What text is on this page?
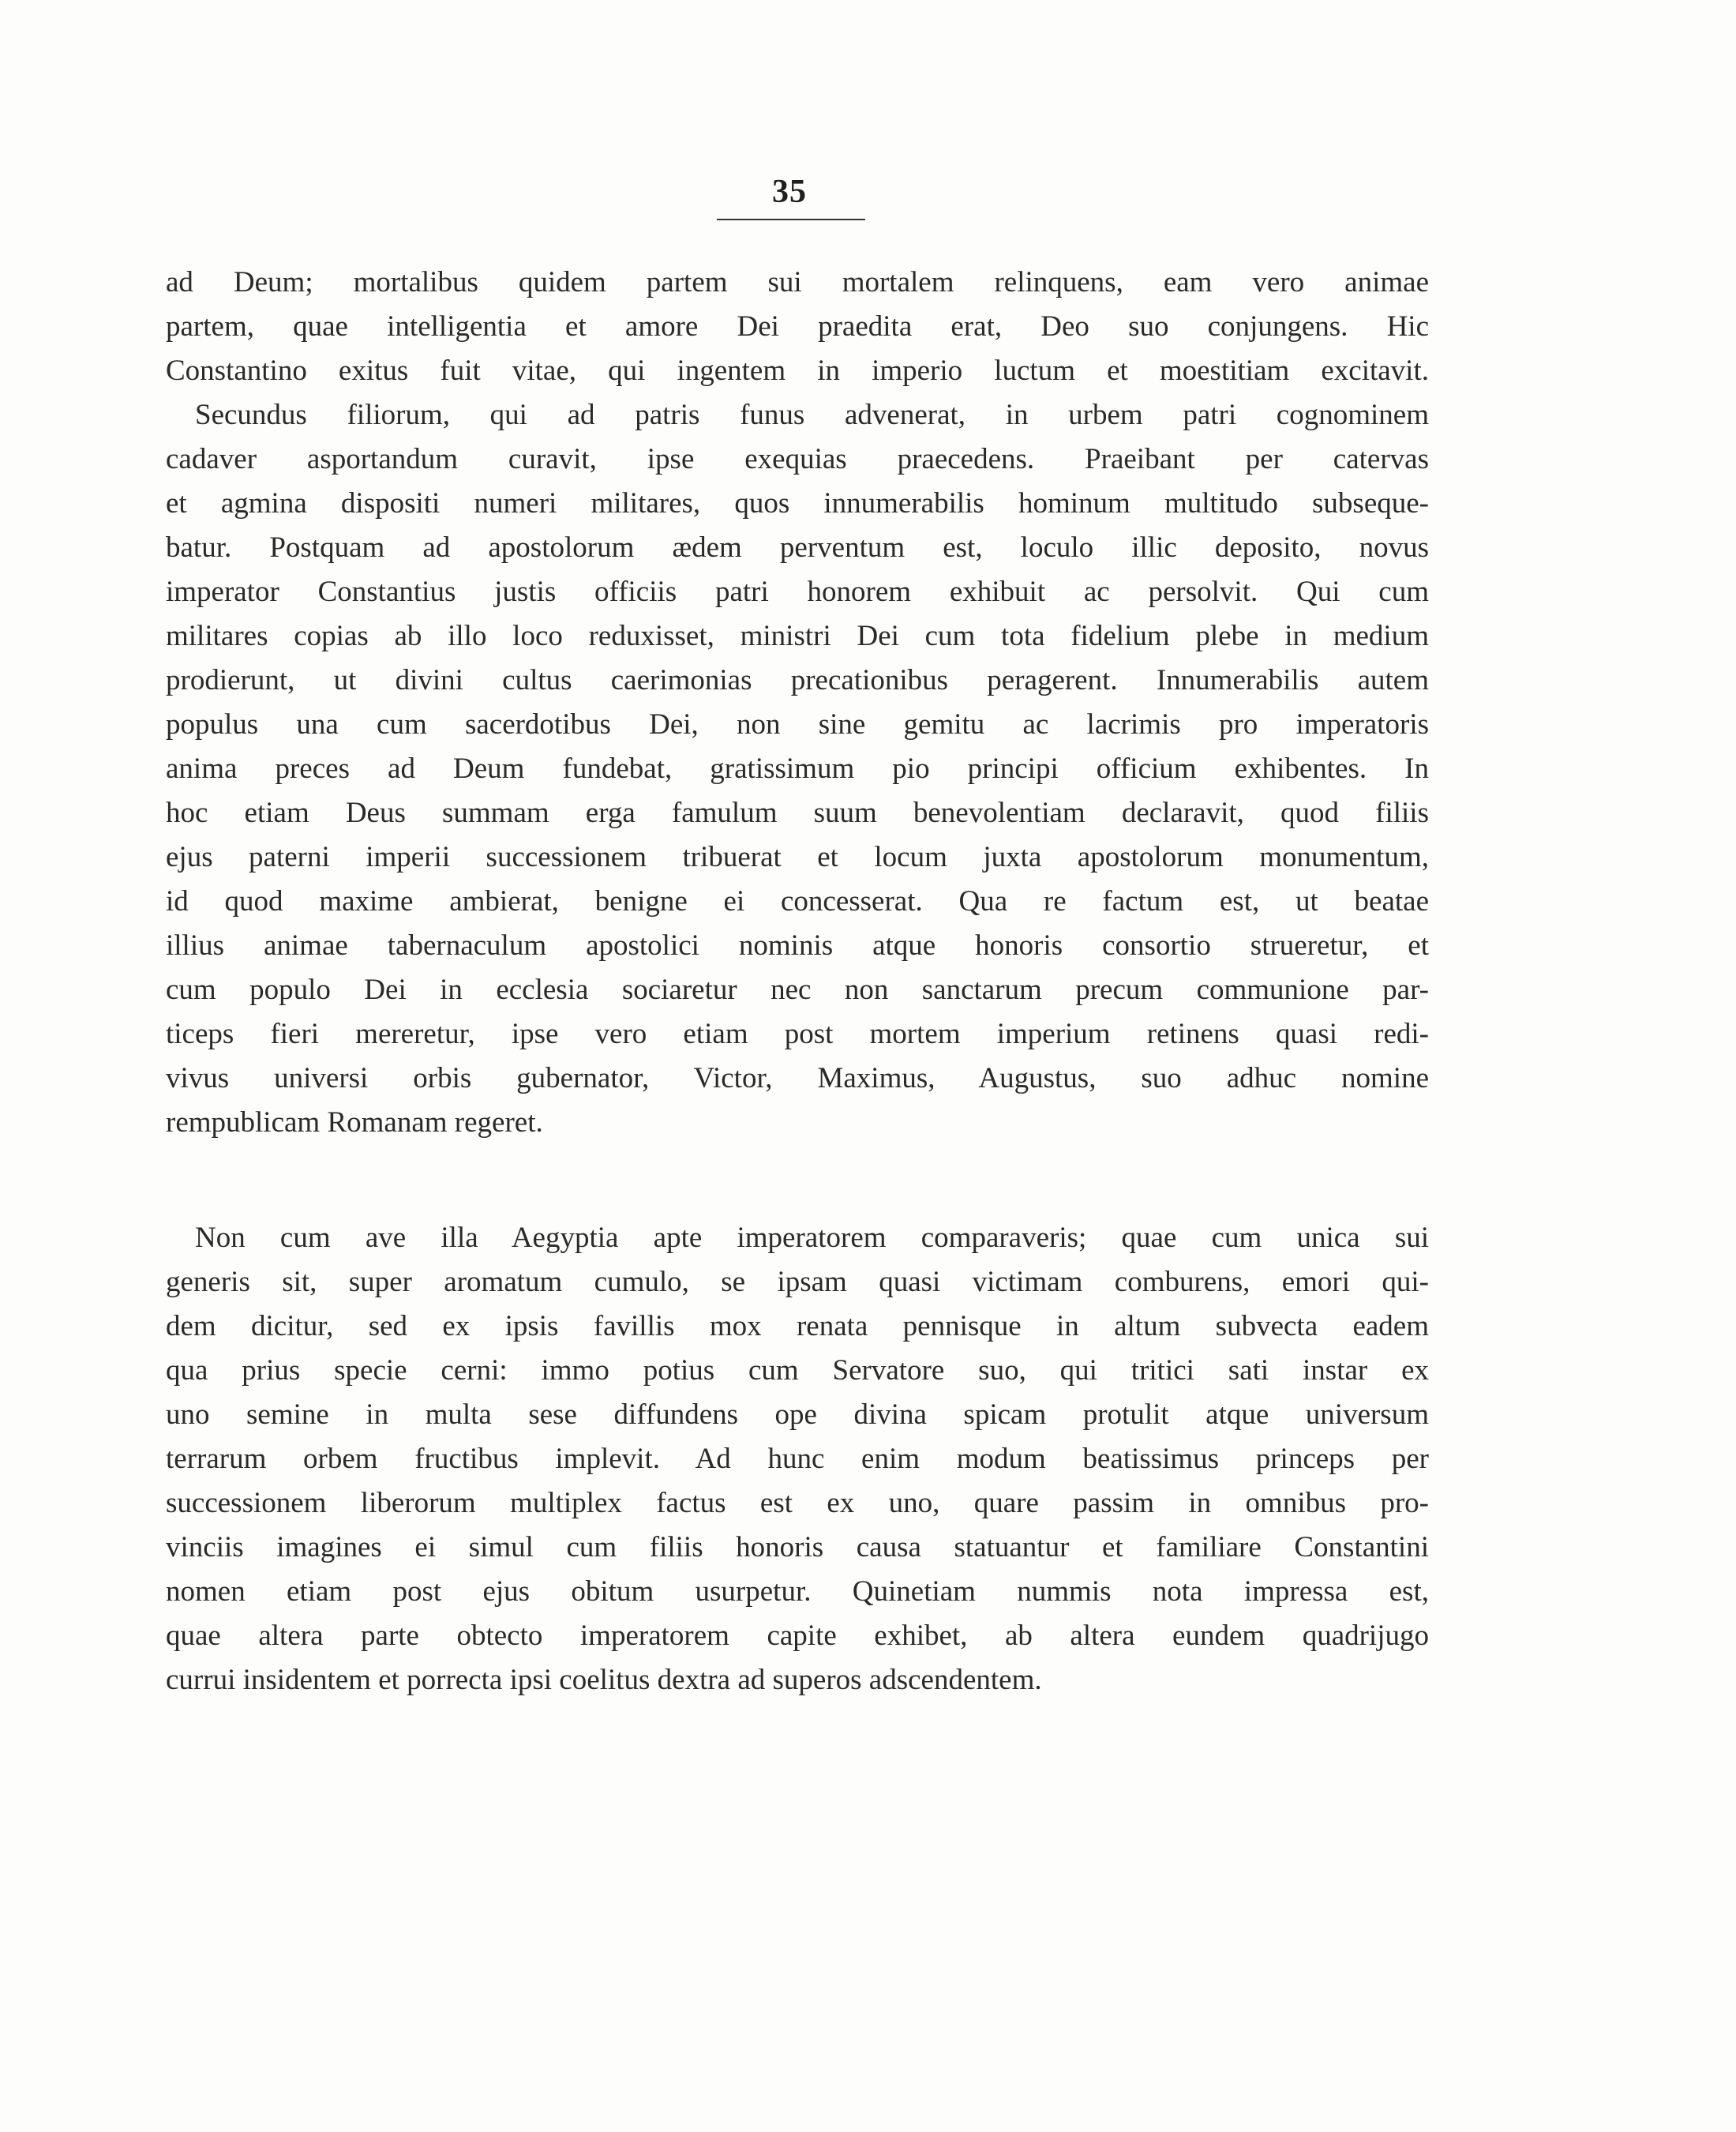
35
ad Deum; mortalibus quidem partem sui mortalem relinquens, eam vero animae
partem, quae intelligentia et amore Dei praedita erat, Deo suo conjungens. Hic
Constantino exitus fuit vitae, qui ingentem in imperio luctum et moestitiam excitavit.
 Secundus filiorum, qui ad patris funus advenerat, in urbem patri cognominem
cadaver asportandum curavit, ipse exequias praecedens. Praeibant per catervas
et agmina dispositi numeri militares, quos innumerabilis hominum multitudo subseque-
batur. Postquam ad apostolorum ædem perventum est, loculo illic deposito, novus
imperator Constantius justis officiis patri honorem exhibuit ac persolvit. Qui cum
militares copias ab illo loco reduxisset, ministri Dei cum tota fidelium plebe in medium
prodierunt, ut divini cultus caerimonias precationibus peragerent. Innumerabilis autem
populus una cum sacerdotibus Dei, non sine gemitu ac lacrimis pro imperatoris
anima preces ad Deum fundebat, gratissimum pio principi officium exhibentes. In
hoc etiam Deus summam erga famulum suum benevolentiam declaravit, quod filiis
ejus paterni imperii successionem tribuerat et locum juxta apostolorum monumentum,
id quod maxime ambierat, benigne ei concesserat. Qua re factum est, ut beatae
illius animae tabernaculum apostolici nominis atque honoris consortio strueretur, et
cum populo Dei in ecclesia sociaretur nec non sanctarum precum communione par-
ticeps fieri mereretur, ipse vero etiam post mortem imperium retinens quasi redi-
vivus universi orbis gubernator, Victor, Maximus, Augustus, suo adhuc nomine
rempublicam Romanam regeret.
 Non cum ave illa Aegyptia apte imperatorem comparaveris; quae cum unica sui
generis sit, super aromatum cumulo, se ipsam quasi victimam comburens, emori qui-
dem dicitur, sed ex ipsis favillis mox renata pennisque in altum subvecta eadem
qua prius specie cerni: immo potius cum Servatore suo, qui tritici sati instar ex
uno semine in multa sese diffundens ope divina spicam protulit atque universum
terrarum orbem fructibus implevit. Ad hunc enim modum beatissimus princeps per
successionem liberorum multiplex factus est ex uno, quare passim in omnibus pro-
vinciis imagines ei simul cum filiis honoris causa statuantur et familiare Constantini
nomen etiam post ejus obitum usurpetur. Quinetiam nummis nota impressa est,
quae altera parte obtecto imperatorem capite exhibet, ab altera eundem quadrijugo
currui insidentem et porrecta ipsi coelitus dextra ad superos adscendentem.
